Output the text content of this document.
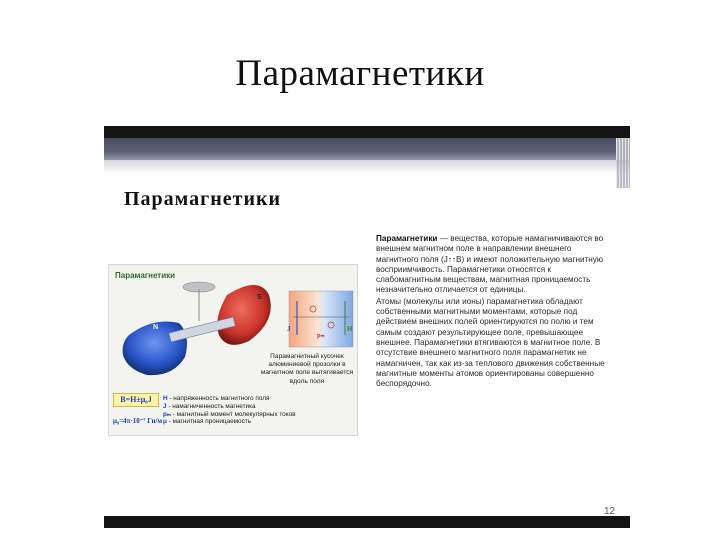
Парамагнетики
Парамагнетики
S
N	J	H
pₘ
Парамагнетики
Парамагнитный кусочек алюминиевой прозолки в магнитном поле вытягивается вдоль поля
B=H±μ₀J
μ₀=4π·10⁻⁷ Гн/м
H - напряженность магнитного поля
J - намагниченность магнетика
pₘ - магнитный момент молекулярных токов
μ - магнитная проницаемость

Парамагнетики — вещества, которые намагничиваются во внешнем магнитном поле в направлении внешнего магнитного поля (J↑↑B) и имеют положительную магнитную восприимчивость. Парамагнетики относятся к слабомагнитным веществам, магнитная проницаемость незначительно отличается от единицы.

Атомы (молекулы или ионы) парамагнетика обладают собственными магнитными моментами, которые под действием внешних полей ориентируются по полю и тем самым создают результирующее поле, превышающее внешнее. Парамагнетики втягиваются в магнитное поле. В отсутствие внешнего магнитного поля парамагнетик не намагничен, так как из-за теплового движения собственные магнитные моменты атомов ориентированы совершенно беспорядочно.

12
